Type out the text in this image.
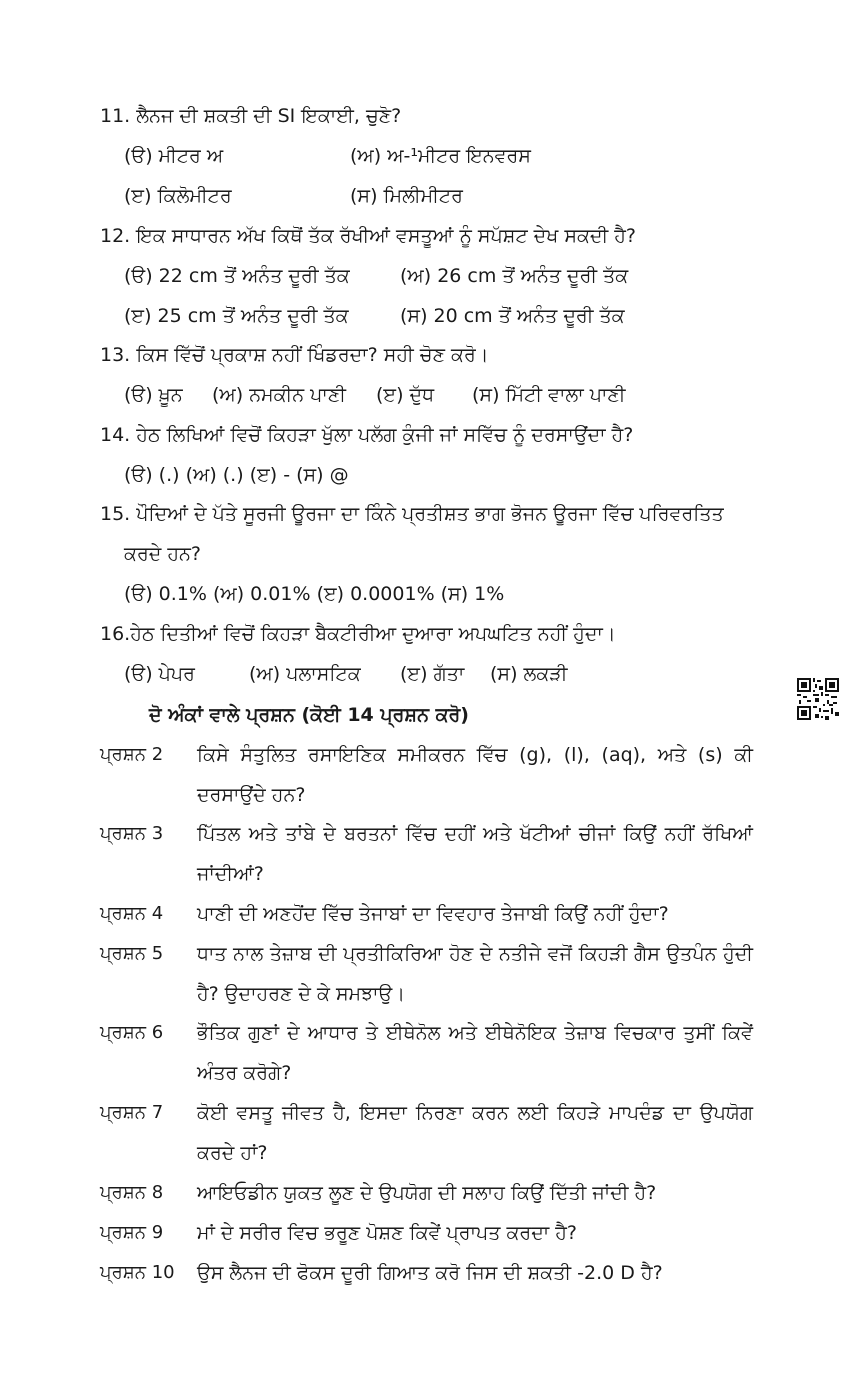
11. ਲੈਨਜ ਦੀ ਸ਼ਕਤੀ ਦੀ SI ਇਕਾਈ, ਚੁਣੋ?
(ੳ) ਮੀਟਰ ਅ	(ਅ) ਅ-¹ਮੀਟਰ ਇਨਵਰਸ
(ੲ) ਕਿਲੋਮੀਟਰ	(ਸ) ਮਿਲੀਮੀਟਰ
12. ਇਕ ਸਾਧਾਰਨ ਅੱਖ ਕਿਥੋਂ ਤੱਕ ਰੱਖੀਆਂ ਵਸਤੂਆਂ ਨੂੰ ਸਪੱਸ਼ਟ ਦੇਖ ਸਕਦੀ ਹੈ?
(ੳ) 22 cm ਤੋਂ ਅਨੰਤ ਦੂਰੀ ਤੱਕ	(ਅ) 26 cm ਤੋਂ ਅਨੰਤ ਦੂਰੀ ਤੱਕ
(ੲ) 25 cm ਤੋਂ ਅਨੰਤ ਦੂਰੀ ਤੱਕ	(ਸ) 20 cm ਤੋਂ ਅਨੰਤ ਦੂਰੀ ਤੱਕ
13. ਕਿਸ ਵਿੱਚੋਂ ਪ੍ਰਕਾਸ਼ ਨਹੀਂ ਖਿੰਡਰਦਾ? ਸਹੀ ਚੋਣ ਕਰੋ।
(ੳ) ਖ਼ੂਨ (ਅ) ਨਮਕੀਨ ਪਾਣੀ (ੲ) ਦੁੱਧ (ਸ) ਮਿੱਟੀ ਵਾਲਾ ਪਾਣੀ
14. ਹੇਠ ਲਿਖਿਆਂ ਵਿਚੋਂ ਕਿਹੜਾ ਖੁੱਲਾ ਪਲੱਗ ਕੁੰਜੀ ਜਾਂ ਸਵਿੱਚ ਨੂੰ ਦਰਸਾਉਂਦਾ ਹੈ?
(ੳ) (.) (ਅ) (.) (ੲ) - (ਸ) @
15. ਪੌਦਿਆਂ ਦੇ ਪੱਤੇ ਸੂਰਜੀ ਊਰਜਾ ਦਾ ਕਿੰਨੇ ਪ੍ਰਤੀਸ਼ਤ ਭਾਗ ਭੋਜਨ ਊਰਜਾ ਵਿੱਚ ਪਰਿਵਰਤਿਤ
ਕਰਦੇ ਹਨ?
(ੳ) 0.1% (ਅ) 0.01% (ੲ) 0.0001% (ਸ) 1%
16.ਹੇਠ ਦਿਤੀਆਂ ਵਿਚੋਂ ਕਿਹੜਾ ਬੈਕਟੀਰੀਆ ਦੁਆਰਾ ਅਪਘਟਿਤ ਨਹੀਂ ਹੁੰਦਾ।
(ੳ) ਪੇਪਰ	(ਅ) ਪਲਾਸਟਿਕ (ੲ) ਗੱਤਾ (ਸ) ਲਕੜੀ
ਦੋ ਅੰਕਾਂ ਵਾਲੇ ਪ੍ਰਸ਼ਨ (ਕੋਈ 14 ਪ੍ਰਸ਼ਨ ਕਰੋ)
ਪ੍ਰਸ਼ਨ 2 ਕਿਸੇ ਸੰਤੁਲਿਤ ਰਸਾਇਣਿਕ ਸਮੀਕਰਨ ਵਿੱਚ (g), (l), (aq), ਅਤੇ (s) ਕੀ ਦਰਸਾਉਂਦੇ ਹਨ?
ਪ੍ਰਸ਼ਨ 3 ਪਿੱਤਲ ਅਤੇ ਤਾਂਬੇ ਦੇ ਬਰਤਨਾਂ ਵਿੱਚ ਦਹੀਂ ਅਤੇ ਖੱਟੀਆਂ ਚੀਜਾਂ ਕਿਉਂ ਨਹੀਂ ਰੱਖਿਆਂ ਜਾਂਦੀਆਂ?
ਪ੍ਰਸ਼ਨ 4 ਪਾਣੀ ਦੀ ਅਣਹੋਂਦ ਵਿੱਚ ਤੇਜਾਬਾਂ ਦਾ ਵਿਵਹਾਰ ਤੇਜਾਬੀ ਕਿਉਂ ਨਹੀਂ ਹੁੰਦਾ?
ਪ੍ਰਸ਼ਨ 5 ਧਾਤ ਨਾਲ ਤੇਜ਼ਾਬ ਦੀ ਪ੍ਰਤੀਕਿਰਿਆ ਹੋਣ ਦੇ ਨਤੀਜੇ ਵਜੋਂ ਕਿਹੜੀ ਗੈਸ ਉਤਪੰਨ ਹੁੰਦੀ ਹੈ? ਉਦਾਹਰਣ ਦੇ ਕੇ ਸਮਝਾਉ।
ਪ੍ਰਸ਼ਨ 6 ਭੌਤਿਕ ਗੁਣਾਂ ਦੇ ਆਧਾਰ ਤੇ ਈਥੇਨੋਲ ਅਤੇ ਈਥੇਨੋਇਕ ਤੇਜ਼ਾਬ ਵਿਚਕਾਰ ਤੁਸੀਂ ਕਿਵੇਂ ਅੰਤਰ ਕਰੋਗੇ?
ਪ੍ਰਸ਼ਨ 7 ਕੋਈ ਵਸਤੂ ਜੀਵਤ ਹੈ, ਇਸਦਾ ਨਿਰਣਾ ਕਰਨ ਲਈ ਕਿਹੜੇ ਮਾਪਦੰਡ ਦਾ ਉਪਯੋਗ ਕਰਦੇ ਹਾਂ?
ਪ੍ਰਸ਼ਨ 8 ਆਇਓਡੀਨ ਯੁਕਤ ਲੂਣ ਦੇ ਉਪਯੋਗ ਦੀ ਸਲਾਹ ਕਿਉਂ ਦਿੱਤੀ ਜਾਂਦੀ ਹੈ?
ਪ੍ਰਸ਼ਨ 9 ਮਾਂ ਦੇ ਸਰੀਰ ਵਿਚ ਭਰੂਣ ਪੋਸ਼ਣ ਕਿਵੇਂ ਪ੍ਰਾਪਤ ਕਰਦਾ ਹੈ?
ਪ੍ਰਸ਼ਨ 10 ਉਸ ਲੈਨਜ ਦੀ ਫੋਕਸ ਦੂਰੀ ਗਿਆਤ ਕਰੋ ਜਿਸ ਦੀ ਸ਼ਕਤੀ -2.0 D ਹੈ?
